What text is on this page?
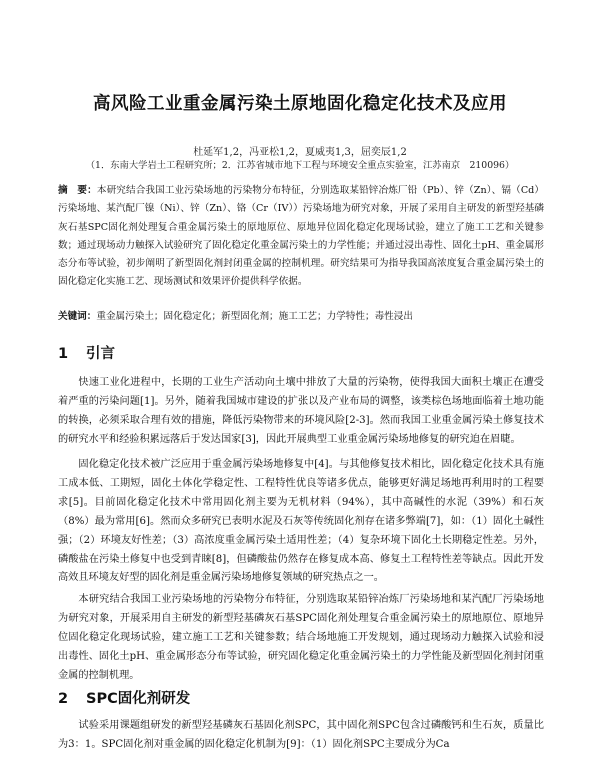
高风险工业重金属污染土原地固化稳定化技术及应用
杜延军1,2，冯亚松1,2，夏威夷1,3，屈奕辰1,2
（1．东南大学岩土工程研究所；2．江苏省城市地下工程与环境安全重点实验室，江苏南京　210096）
摘　要：本研究结合我国工业污染场地的污染物分布特征，分别选取某铅锌冶炼厂铅（Pb）、锌（Zn）、镉（Cd）污染场地、某汽配厂镍（Ni）、锌（Zn）、铬（Cr（IV））污染场地为研究对象，开展了采用自主研发的新型羟基磷灰石基SPC固化剂处理复合重金属污染土的原地原位、原地异位固化稳定化现场试验，建立了施工工艺和关键参数；通过现场动力触探入试验研究了固化稳定化重金属污染土的力学性能；并通过浸出毒性、固化土pH、重金属形态分布等试验，初步阐明了新型固化剂封闭重金属的控制机理。研究结果可为指导我国高浓度复合重金属污染土的固化稳定化实施工艺、现场测试和效果评价提供科学依据。
关键词：重金属污染土；固化稳定化；新型固化剂；施工工艺；力学特性；毒性浸出
1 引言
快速工业化进程中，长期的工业生产活动向土壤中排放了大量的污染物，使得我国大面积土壤正在遭受着严重的污染问题[1]。另外，随着我国城市建设的扩张以及产业布局的调整，该类棕色场地面临着土地功能的转换，必须采取合理有效的措施，降低污染物带来的环境风险[2-3]。然而我国工业重金属污染土修复技术的研究水平和经验积累远落后于发达国家[3]，因此开展典型工业重金属污染场地修复的研究迫在眉睫。
固化稳定化技术被广泛应用于重金属污染场地修复中[4]。与其他修复技术相比，固化稳定化技术具有施工成本低、工期短，固化土体化学稳定性、工程特性优良等诸多优点，能够更好满足场地再利用时的工程要求[5]。目前固化稳定化技术中常用固化剂主要为无机材料（94%），其中高碱性的水泥（39%）和石灰（8%）最为常用[6]。然而众多研究已表明水泥及石灰等传统固化剂存在诸多弊端[7]，如：（1）固化土碱性强；（2）环境友好性差；（3）高浓度重金属污染土适用性差；（4）复杂环境下固化土长期稳定性差。另外，磷酸盐在污染土修复中也受到青睐[8]，但磷酸盐仍然存在修复成本高、修复土工程特性差等缺点。因此开发高效且环境友好型的固化剂是重金属污染场地修复领域的研究热点之一。
本研究结合我国工业污染场地的污染物分布特征，分别选取某铅锌冶炼厂污染场地和某汽配厂污染场地为研究对象，开展采用自主研发的新型羟基磷灰石基SPC固化剂处理复合重金属污染土的原地原位、原地异位固化稳定化现场试验，建立施工工艺和关键参数；结合场地施工开发规划，通过现场动力触探入试验和浸出毒性、固化土pH、重金属形态分布等试验，研究固化稳定化重金属污染土的力学性能及新型固化剂封闭重金属的控制机理。
2 SPC固化剂研发
试验采用课题组研发的新型羟基磷灰石基固化剂SPC，其中固化剂SPC包含过磷酸钙和生石灰，质量比为3：1。SPC固化剂对重金属的固化稳定化机制为[9]：（1）固化剂SPC主要成分为Ca
